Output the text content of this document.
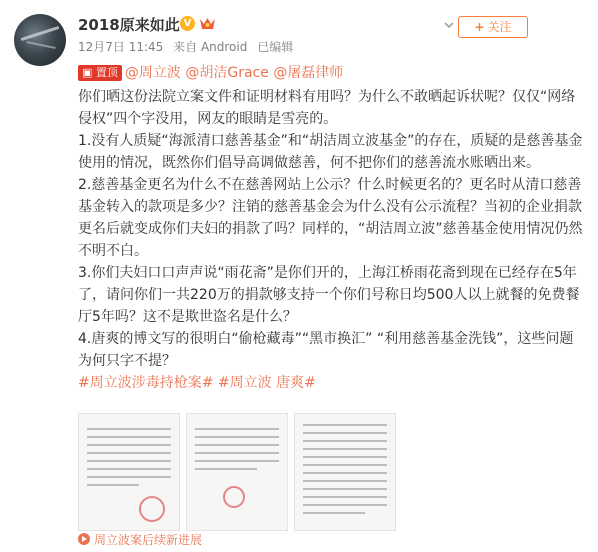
2018原来如此 V
12月7日 11:45 来自 Android 已编辑
+ 关注
▣ 置顶 @周立波 @胡洁Grace @屠磊律师

你们晒这份法院立案文件和证明材料有用吗？为什么不敢晒起诉状呢？仅仅“网络侵权”四个字没用，网友的眼睛是雪亮的。

1.没有人质疑“海派清口慈善基金”和“胡洁周立波基金”的存在，质疑的是慈善基金使用的情况，既然你们倡导高调做慈善，何不把你们的慈善流水账晒出来。

2.慈善基金更名为什么不在慈善网站上公示？什么时候更名的？更名时从清口慈善基金转入的款项是多少？注销的慈善基金会为什么没有公示流程？当初的企业捐款更名后就变成你们夫妇的捐款了吗？同样的，“胡洁周立波”慈善基金使用情况仍然不明不白。

3.你们夫妇口口声声说“雨花斋”是你们开的，上海江桥雨花斋到现在已经存在5年了，请问你们一共220万的捐款够支持一个你们号称日均500人以上就餐的免费餐厅5年吗？这不是欺世盗名是什么？

4.唐爽的博文写的很明白“偷枪藏毒”“黑市换汇” “利用慈善基金洗钱”，这些问题为何只字不提？

#周立波涉毒持枪案# #周立波 唐爽#

周立波案后续新进展
